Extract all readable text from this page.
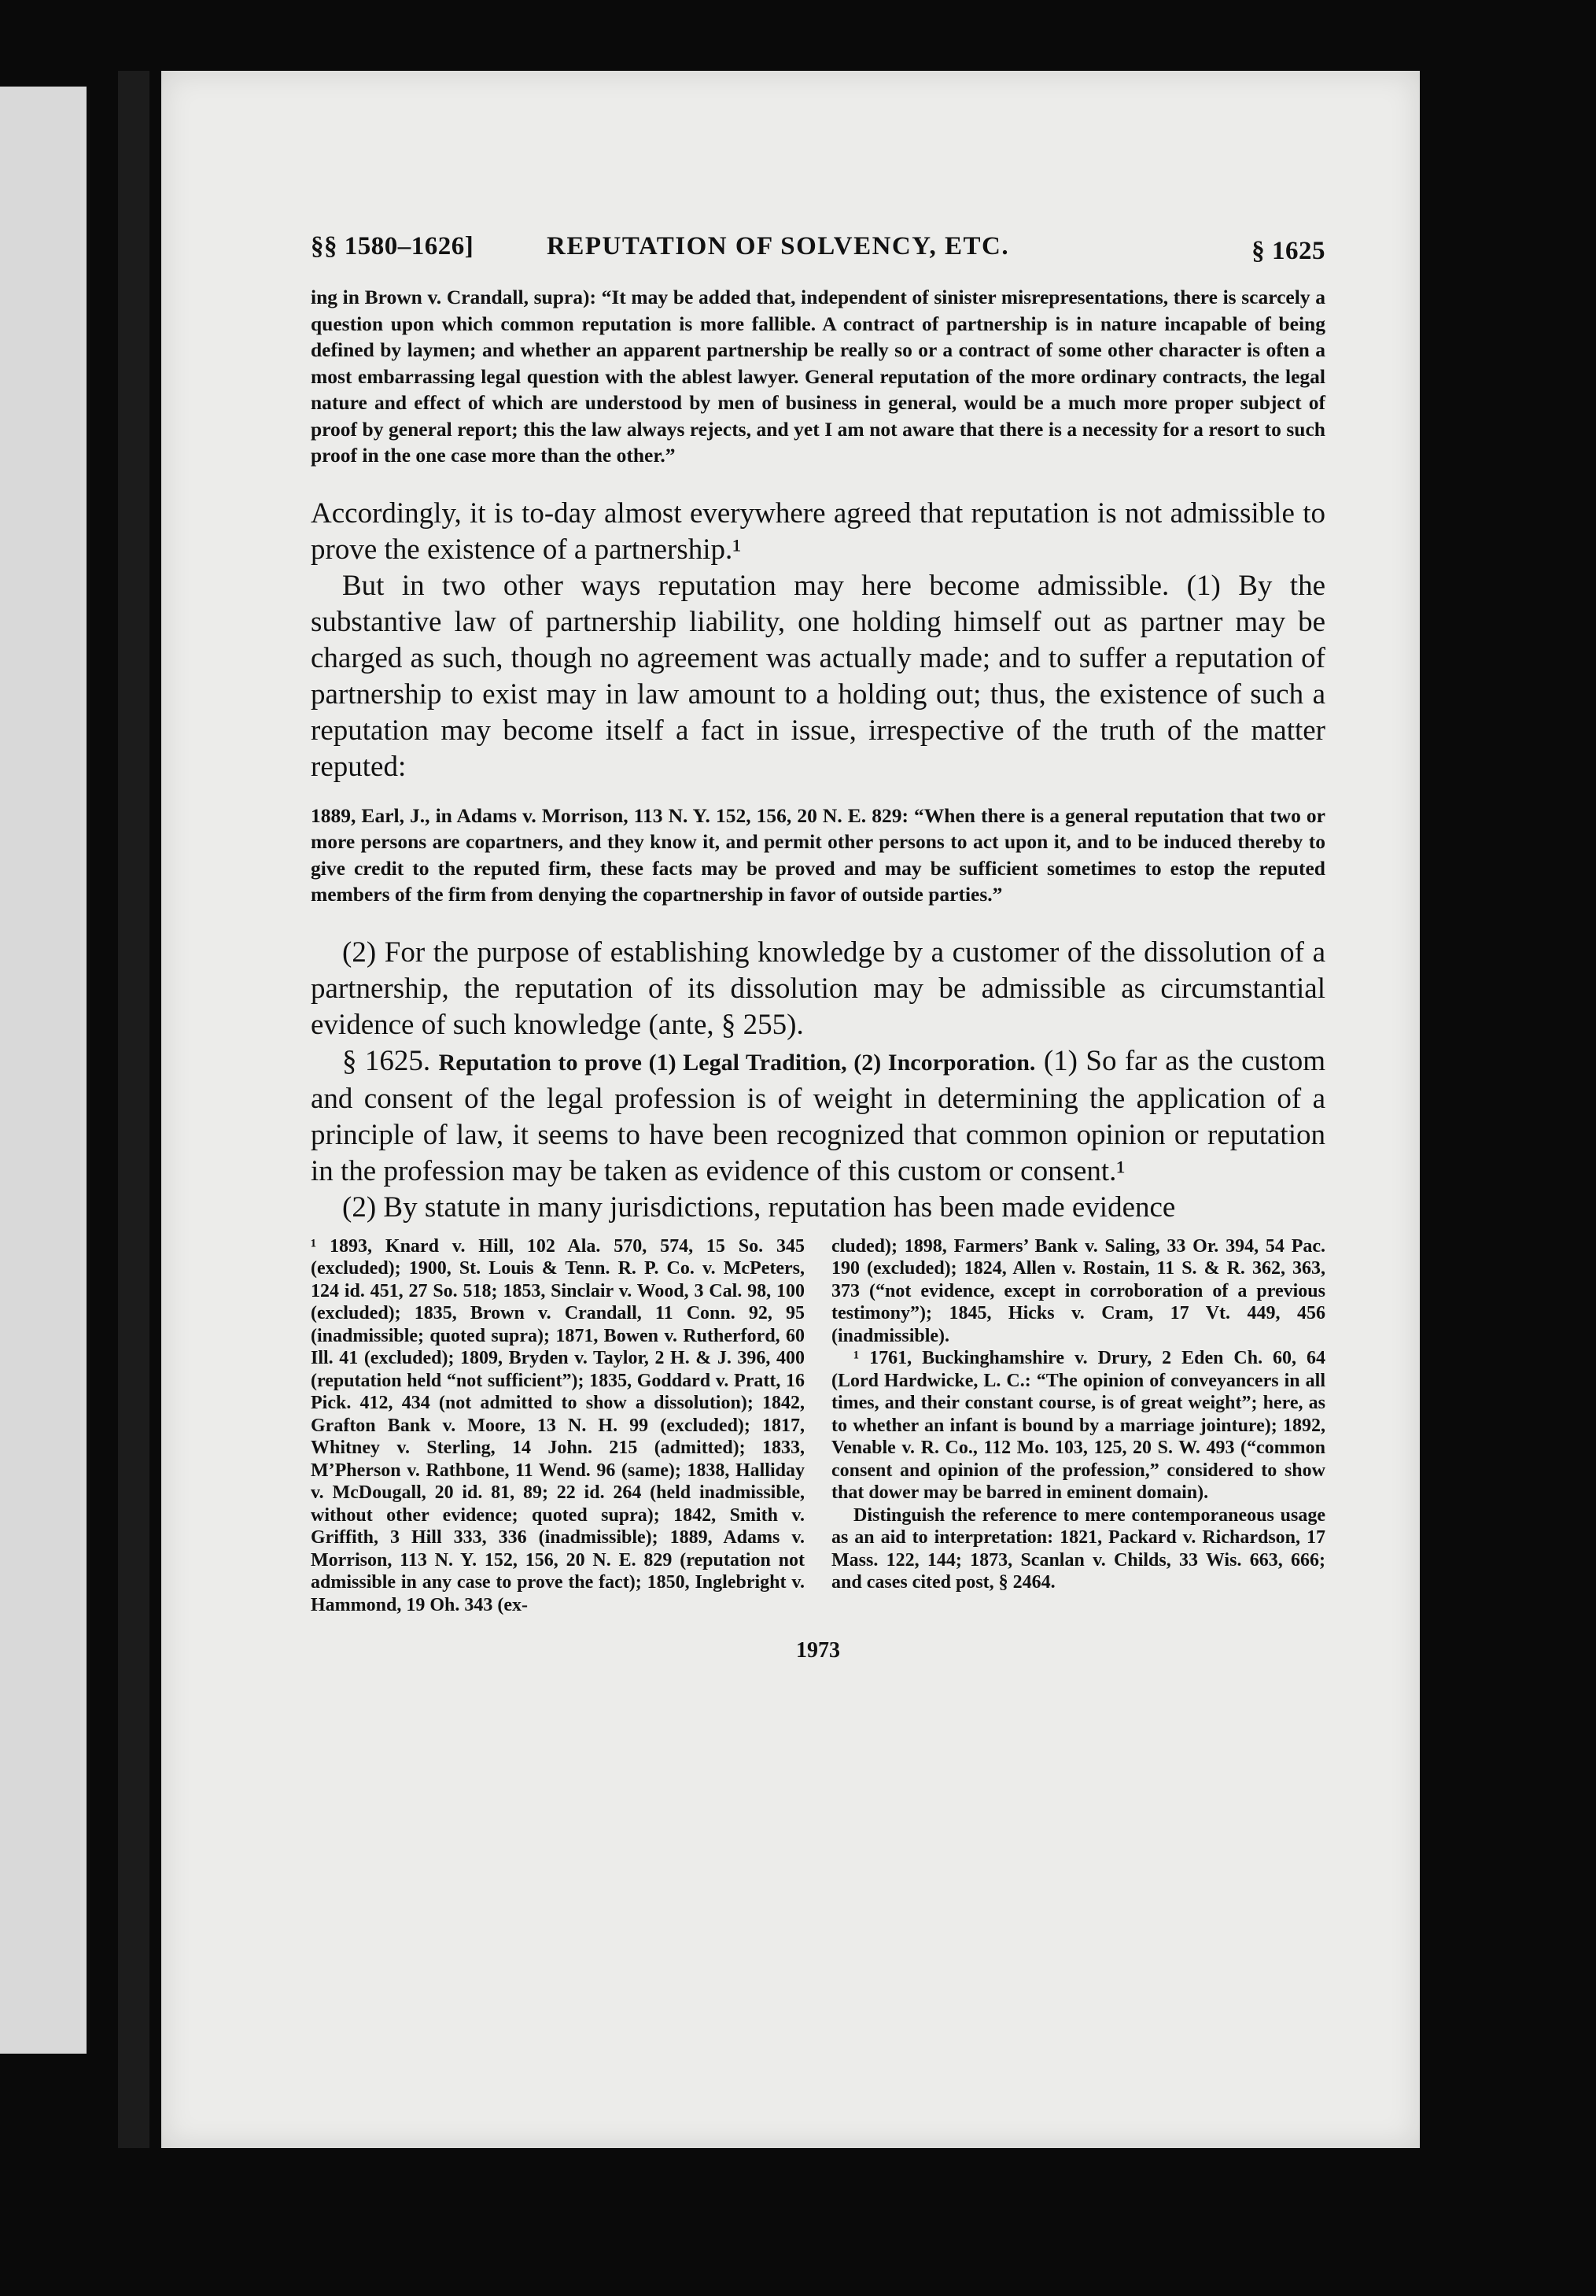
§§ 1580–1626]	REPUTATION OF SOLVENCY, ETC.	§ 1625

ing in Brown v. Crandall, supra): “It may be added that, independent of sinister misrepresentations, there is scarcely a question upon which common reputation is more fallible. A contract of partnership is in nature incapable of being defined by laymen; and whether an apparent partnership be really so or a contract of some other character is often a most embarrassing legal question with the ablest lawyer. General reputation of the more ordinary contracts, the legal nature and effect of which are understood by men of business in general, would be a much more proper subject of proof by general report; this the law always rejects, and yet I am not aware that there is a necessity for a resort to such proof in the one case more than the other.”

Accordingly, it is to-day almost everywhere agreed that reputation is not admissible to prove the existence of a partnership.¹

But in two other ways reputation may here become admissible. (1) By the substantive law of partnership liability, one holding himself out as partner may be charged as such, though no agreement was actually made; and to suffer a reputation of partnership to exist may in law amount to a holding out; thus, the existence of such a reputation may become itself a fact in issue, irrespective of the truth of the matter reputed:

1889, Earl, J., in Adams v. Morrison, 113 N. Y. 152, 156, 20 N. E. 829: “When there is a general reputation that two or more persons are copartners, and they know it, and permit other persons to act upon it, and to be induced thereby to give credit to the reputed firm, these facts may be proved and may be sufficient sometimes to estop the reputed members of the firm from denying the copartnership in favor of outside parties.”

(2) For the purpose of establishing knowledge by a customer of the dissolution of a partnership, the reputation of its dissolution may be admissible as circumstantial evidence of such knowledge (ante, § 255).

§ 1625. Reputation to prove (1) Legal Tradition, (2) Incorporation. (1) So far as the custom and consent of the legal profession is of weight in determining the application of a principle of law, it seems to have been recognized that common opinion or reputation in the profession may be taken as evidence of this custom or consent.¹

(2) By statute in many jurisdictions, reputation has been made evidence

¹ 1893, Knard v. Hill, 102 Ala. 570, 574, 15 So. 345 (excluded); 1900, St. Louis & Tenn. R. P. Co. v. McPeters, 124 id. 451, 27 So. 518; 1853, Sinclair v. Wood, 3 Cal. 98, 100 (excluded); 1835, Brown v. Crandall, 11 Conn. 92, 95 (inadmissible; quoted supra); 1871, Bowen v. Rutherford, 60 Ill. 41 (excluded); 1809, Bryden v. Taylor, 2 H. & J. 396, 400 (reputation held “not sufficient”); 1835, Goddard v. Pratt, 16 Pick. 412, 434 (not admitted to show a dissolution); 1842, Grafton Bank v. Moore, 13 N. H. 99 (excluded); 1817, Whitney v. Sterling, 14 John. 215 (admitted); 1833, M’Pherson v. Rathbone, 11 Wend. 96 (same); 1838, Halliday v. McDougall, 20 id. 81, 89; 22 id. 264 (held inadmissible, without other evidence; quoted supra); 1842, Smith v. Griffith, 3 Hill 333, 336 (inadmissible); 1889, Adams v. Morrison, 113 N. Y. 152, 156, 20 N. E. 829 (reputation not admissible in any case to prove the fact); 1850, Inglebright v. Hammond, 19 Oh. 343 (ex-

cluded); 1898, Farmers’ Bank v. Saling, 33 Or. 394, 54 Pac. 190 (excluded); 1824, Allen v. Rostain, 11 S. & R. 362, 363, 373 (“not evidence, except in corroboration of a previous testimony”); 1845, Hicks v. Cram, 17 Vt. 449, 456 (inadmissible).

¹ 1761, Buckinghamshire v. Drury, 2 Eden Ch. 60, 64 (Lord Hardwicke, L. C.: “The opinion of conveyancers in all times, and their constant course, is of great weight”; here, as to whether an infant is bound by a marriage jointure); 1892, Venable v. R. Co., 112 Mo. 103, 125, 20 S. W. 493 (“common consent and opinion of the profession,” considered to show that dower may be barred in eminent domain).

Distinguish the reference to mere contemporaneous usage as an aid to interpretation: 1821, Packard v. Richardson, 17 Mass. 122, 144; 1873, Scanlan v. Childs, 33 Wis. 663, 666; and cases cited post, § 2464.

1973
